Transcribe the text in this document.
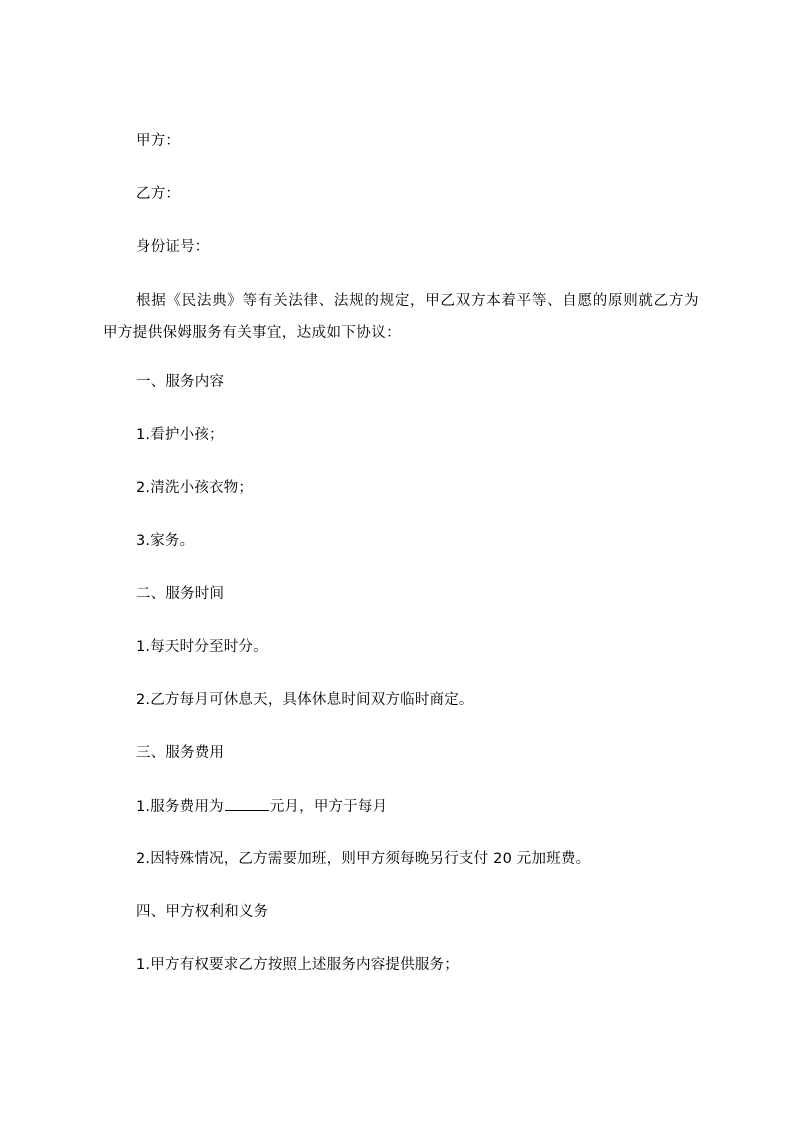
甲方：
乙方：
身份证号：
根据《民法典》等有关法律、法规的规定，甲乙双方本着平等、自愿的原则就乙方为甲方提供保姆服务有关事宜，达成如下协议：
一、服务内容
1.看护小孩；
2.清洗小孩衣物；
3.家务。
二、服务时间
1.每天时分至时分。
2.乙方每月可休息天，具体休息时间双方临时商定。
三、服务费用
1.服务费用为	元月，甲方于每月
2.因特殊情况，乙方需要加班，则甲方须每晚另行支付 20 元加班费。
四、甲方权利和义务
1.甲方有权要求乙方按照上述服务内容提供服务；
